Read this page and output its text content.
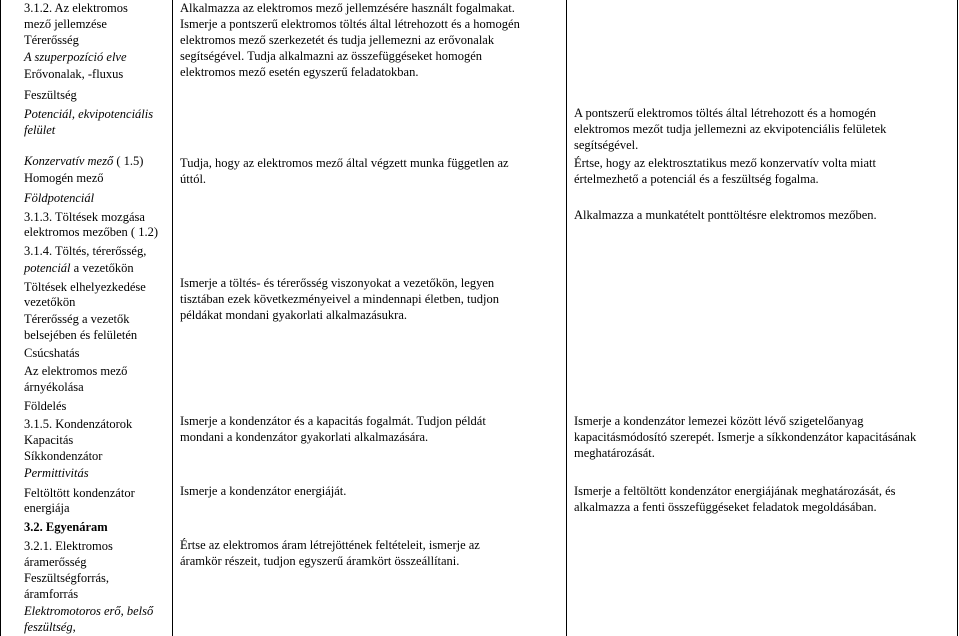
3.1.2. Az elektromos
mező jellemzése
Térerősség
A szuperpozíció elve
Erővonalak, -fluxus
Feszültség
Potenciál, ekvipotenciális
felület
Konzervatív mező ( 1.5)
Homogén mező
Földpotenciál
3.1.3. Töltések mozgása
elektromos mezőben ( 1.2)
3.1.4. Töltés, térerősség,
potenciál a vezetőkön
Töltések elhelyezkedése
vezetőkön
Térerősség a vezetők
belsejében és felületén
Csúcshatás
Az elektromos mező
árnyékolása
Földelés
3.1.5. Kondenzátorok
Kapacitás
Síkkondenzátor
Permittivitás
Feltöltött kondenzátor
energiája
3.2. Egyenáram
3.2.1. Elektromos
áramerősség
Feszültségforrás,
áramforrás
Elektromotoros erő, belső
feszültség,
Alkalmazza az elektromos mező jellemzésére használt fogalmakat.
Ismerje a pontszerű elektromos töltés által létrehozott és a homogén
elektromos mező szerkezetét és tudja jellemezni az erővonalak
segítségével. Tudja alkalmazni az összefüggéseket homogén
elektromos mező esetén egyszerű feladatokban.
Tudja, hogy az elektromos mező által végzett munka független az
úttól.
Ismerje a töltés- és térerősség viszonyokat a vezetőkön, legyen
tisztában ezek következményeivel a mindennapi életben, tudjon
példákat mondani gyakorlati alkalmazásukra.
Ismerje a kondenzátor és a kapacitás fogalmát. Tudjon példát
mondani a kondenzátor gyakorlati alkalmazására.
Ismerje a kondenzátor energiáját.
Értse az elektromos áram létrejöttének feltételeit, ismerje az
áramkör részeit, tudjon egyszerű áramkört összeállítani.
A pontszerű elektromos töltés által létrehozott és a homogén
elektromos mezőt tudja jellemezni az ekvipotenciális felületek
segítségével.
Értse, hogy az elektrosztatikus mező konzervatív volta miatt
értelmezhető a potenciál és a feszültség fogalma.
Alkalmazza a munkatételt ponttöltésre elektromos mezőben.
Ismerje a kondenzátor lemezei között lévő szigetelőanyag
kapacitásmódosító szerepét. Ismerje a síkkondenzátor kapacitásának
meghatározását.
Ismerje a feltöltött kondenzátor energiájának meghatározását, és
alkalmazza a fenti összefüggéseket feladatok megoldásában.
